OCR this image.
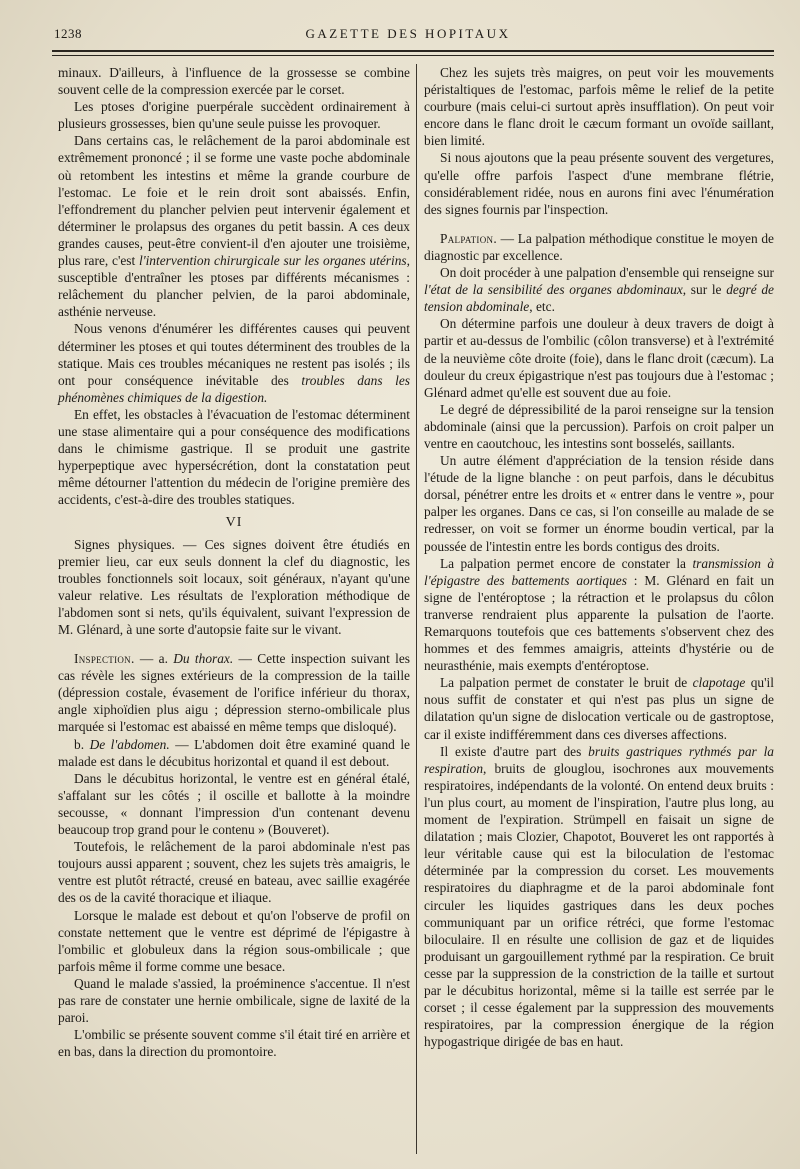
1238	GAZETTE DES HOPITAUX

minaux. D'ailleurs, à l'influence de la grossesse se combine souvent celle de la compression exercée par le corset.

Les ptoses d'origine puerpérale succèdent ordinairement à plusieurs grossesses, bien qu'une seule puisse les provoquer.

Dans certains cas, le relâchement de la paroi abdominale est extrêmement prononcé ; il se forme une vaste poche abdominale où retombent les intestins et même la grande courbure de l'estomac. Le foie et le rein droit sont abaissés. Enfin, l'effondrement du plancher pelvien peut intervenir également et déterminer le prolapsus des organes du petit bassin. A ces deux grandes causes, peut-être convient-il d'en ajouter une troisième, plus rare, c'est l'intervention chirurgicale sur les organes utérins, susceptible d'entraîner les ptoses par différents mécanismes : relâchement du plancher pelvien, de la paroi abdominale, asthénie nerveuse.

Nous venons d'énumérer les différentes causes qui peuvent déterminer les ptoses et qui toutes déterminent des troubles de la statique. Mais ces troubles mécaniques ne restent pas isolés ; ils ont pour conséquence inévitable des troubles dans les phénomènes chimiques de la digestion.

En effet, les obstacles à l'évacuation de l'estomac déterminent une stase alimentaire qui a pour conséquence des modifications dans le chimisme gastrique. Il se produit une gastrite hyperpeptique avec hypersécrétion, dont la constatation peut même détourner l'attention du médecin de l'origine première des accidents, c'est-à-dire des troubles statiques.

VI

Signes physiques. — Ces signes doivent être étudiés en premier lieu, car eux seuls donnent la clef du diagnostic, les troubles fonctionnels soit locaux, soit généraux, n'ayant qu'une valeur relative. Les résultats de l'exploration méthodique de l'abdomen sont si nets, qu'ils équivalent, suivant l'expression de M. Glénard, à une sorte d'autopsie faite sur le vivant.

Inspection. — a. Du thorax. — Cette inspection suivant les cas révèle les signes extérieurs de la compression de la taille (dépression costale, évasement de l'orifice inférieur du thorax, angle xiphoïdien plus aigu ; dépression sterno-ombilicale plus marquée si l'estomac est abaissé en même temps que disloqué).

b. De l'abdomen. — L'abdomen doit être examiné quand le malade est dans le décubitus horizontal et quand il est debout.

Dans le décubitus horizontal, le ventre est en général étalé, s'affalant sur les côtés ; il oscille et ballotte à la moindre secousse, « donnant l'impression d'un contenant devenu beaucoup trop grand pour le contenu » (Bouveret).

Toutefois, le relâchement de la paroi abdominale n'est pas toujours aussi apparent ; souvent, chez les sujets très amaigris, le ventre est plutôt rétracté, creusé en bateau, avec saillie exagérée des os de la cavité thoracique et iliaque.

Lorsque le malade est debout et qu'on l'observe de profil on constate nettement que le ventre est déprimé de l'épigastre à l'ombilic et globuleux dans la région sous-ombilicale ; que parfois même il forme comme une besace.

Quand le malade s'assied, la proéminence s'accentue. Il n'est pas rare de constater une hernie ombilicale, signe de laxité de la paroi.

L'ombilic se présente souvent comme s'il était tiré en arrière et en bas, dans la direction du promontoire.

Chez les sujets très maigres, on peut voir les mouvements péristaltiques de l'estomac, parfois même le relief de la petite courbure (mais celui-ci surtout après insufflation). On peut voir encore dans le flanc droit le cæcum formant un ovoïde saillant, bien limité.

Si nous ajoutons que la peau présente souvent des vergetures, qu'elle offre parfois l'aspect d'une membrane flétrie, considérablement ridée, nous en aurons fini avec l'énumération des signes fournis par l'inspection.

Palpation. — La palpation méthodique constitue le moyen de diagnostic par excellence.

On doit procéder à une palpation d'ensemble qui renseigne sur l'état de la sensibilité des organes abdominaux, sur le degré de tension abdominale, etc.

On détermine parfois une douleur à deux travers de doigt à partir et au-dessus de l'ombilic (côlon transverse) et à l'extrémité de la neuvième côte droite (foie), dans le flanc droit (cæcum). La douleur du creux épigastrique n'est pas toujours due à l'estomac ; Glénard admet qu'elle est souvent due au foie.

Le degré de dépressibilité de la paroi renseigne sur la tension abdominale (ainsi que la percussion). Parfois on croit palper un ventre en caoutchouc, les intestins sont bosselés, saillants.

Un autre élément d'appréciation de la tension réside dans l'étude de la ligne blanche : on peut parfois, dans le décubitus dorsal, pénétrer entre les droits et « entrer dans le ventre », pour palper les organes. Dans ce cas, si l'on conseille au malade de se redresser, on voit se former un énorme boudin vertical, par la poussée de l'intestin entre les bords contigus des droits.

La palpation permet encore de constater la transmission à l'épigastre des battements aortiques : M. Glénard en fait un signe de l'entéroptose ; la rétraction et le prolapsus du côlon tranverse rendraient plus apparente la pulsation de l'aorte. Remarquons toutefois que ces battements s'observent chez des hommes et des femmes amaigris, atteints d'hystérie ou de neurasthénie, mais exempts d'entéroptose.

La palpation permet de constater le bruit de clapotage qu'il nous suffit de constater et qui n'est pas plus un signe de dilatation qu'un signe de dislocation verticale ou de gastroptose, car il existe indifféremment dans ces diverses affections.

Il existe d'autre part des bruits gastriques rythmés par la respiration, bruits de glouglou, isochrones aux mouvements respiratoires, indépendants de la volonté. On entend deux bruits : l'un plus court, au moment de l'inspiration, l'autre plus long, au moment de l'expiration. Strümpell en faisait un signe de dilatation ; mais Clozier, Chapotot, Bouveret les ont rapportés à leur véritable cause qui est la biloculation de l'estomac déterminée par la compression du corset. Les mouvements respiratoires du diaphragme et de la paroi abdominale font circuler les liquides gastriques dans les deux poches communiquant par un orifice rétréci, que forme l'estomac biloculaire. Il en résulte une collision de gaz et de liquides produisant un gargouillement rythmé par la respiration. Ce bruit cesse par la suppression de la constriction de la taille et surtout par le décubitus horizontal, même si la taille est serrée par le corset ; il cesse également par la suppression des mouvements respiratoires, par la compression énergique de la région hypogastrique dirigée de bas en haut.
